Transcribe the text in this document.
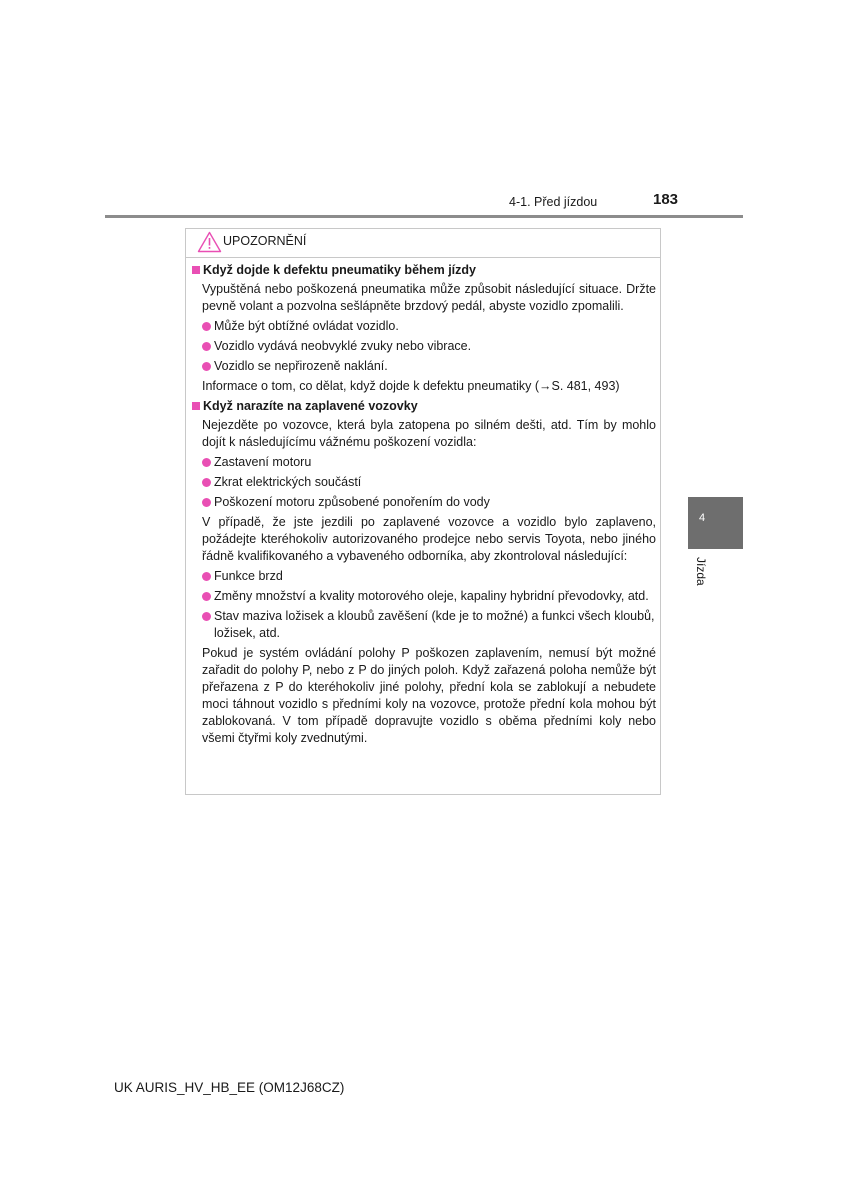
4-1. Před jízdou	183
4
Jízda
UPOZORNĚNÍ
Když dojde k defektu pneumatiky během jízdy
Vypuštěná nebo poškozená pneumatika může způsobit následující situace. Držte pevně volant a pozvolna sešlápněte brzdový pedál, abyste vozidlo zpomalili.
Může být obtížné ovládat vozidlo.
Vozidlo vydává neobvyklé zvuky nebo vibrace.
Vozidlo se nepřirozeně naklání.
Informace o tom, co dělat, když dojde k defektu pneumatiky (→S. 481, 493)
Když narazíte na zaplavené vozovky
Nejezděte po vozovce, která byla zatopena po silném dešti, atd. Tím by mohlo dojít k následujícímu vážnému poškození vozidla:
Zastavení motoru
Zkrat elektrických součástí
Poškození motoru způsobené ponořením do vody
V případě, že jste jezdili po zaplavené vozovce a vozidlo bylo zaplaveno, požádejte kteréhokoliv autorizovaného prodejce nebo servis Toyota, nebo jiného řádně kvalifikovaného a vybaveného odborníka, aby zkontroloval následující:
Funkce brzd
Změny množství a kvality motorového oleje, kapaliny hybridní převodovky, atd.
Stav maziva ložisek a kloubů zavěšení (kde je to možné) a funkci všech kloubů, ložisek, atd.
Pokud je systém ovládání polohy P poškozen zaplavením, nemusí být možné zařadit do polohy P, nebo z P do jiných poloh. Když zařazená poloha nemůže být přeřazena z P do kteréhokoliv jiné polohy, přední kola se zablokují a nebudete moci táhnout vozidlo s předními koly na vozovce, protože přední kola mohou být zablokovaná. V tom případě dopravujte vozidlo s oběma předními koly nebo všemi čtyřmi koly zvednutými.
UK AURIS_HV_HB_EE (OM12J68CZ)
